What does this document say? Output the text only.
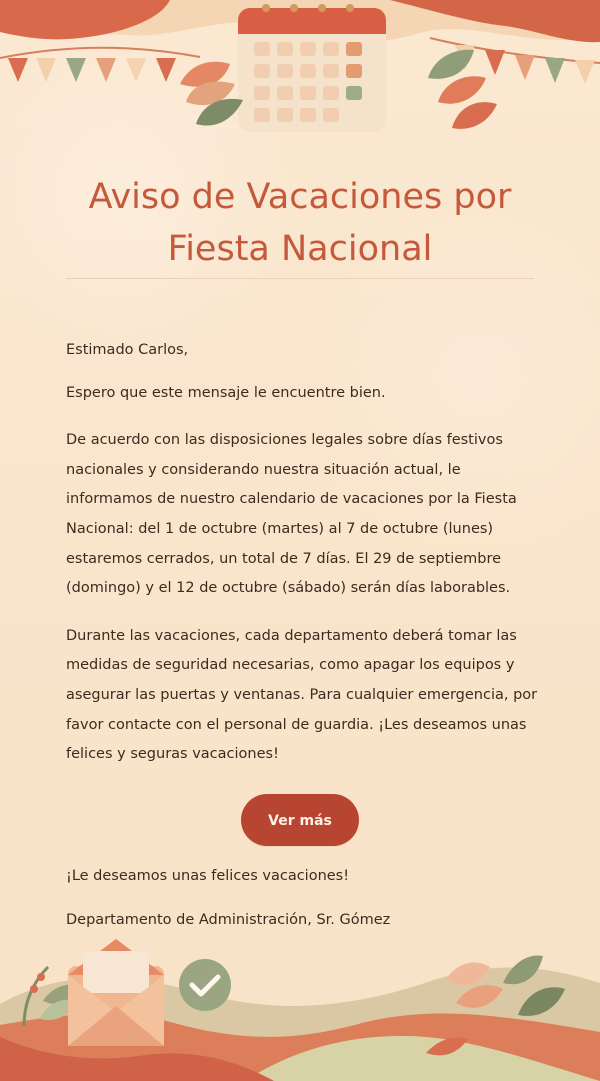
Aviso de Vacaciones por Fiesta Nacional

Estimado Carlos,

Espero que este mensaje le encuentre bien.

De acuerdo con las disposiciones legales sobre días festivos nacionales y considerando nuestra situación actual, le informamos de nuestro calendario de vacaciones por la Fiesta Nacional: del 1 de octubre (martes) al 7 de octubre (lunes) estaremos cerrados, un total de 7 días. El 29 de septiembre (domingo) y el 12 de octubre (sábado) serán días laborables.

Durante las vacaciones, cada departamento deberá tomar las medidas de seguridad necesarias, como apagar los equipos y asegurar las puertas y ventanas. Para cualquier emergencia, por favor contacte con el personal de guardia. ¡Les deseamos unas felices y seguras vacaciones!

Ver más
¡Le deseamos unas felices vacaciones!
Departamento de Administración, Sr. Gómez
